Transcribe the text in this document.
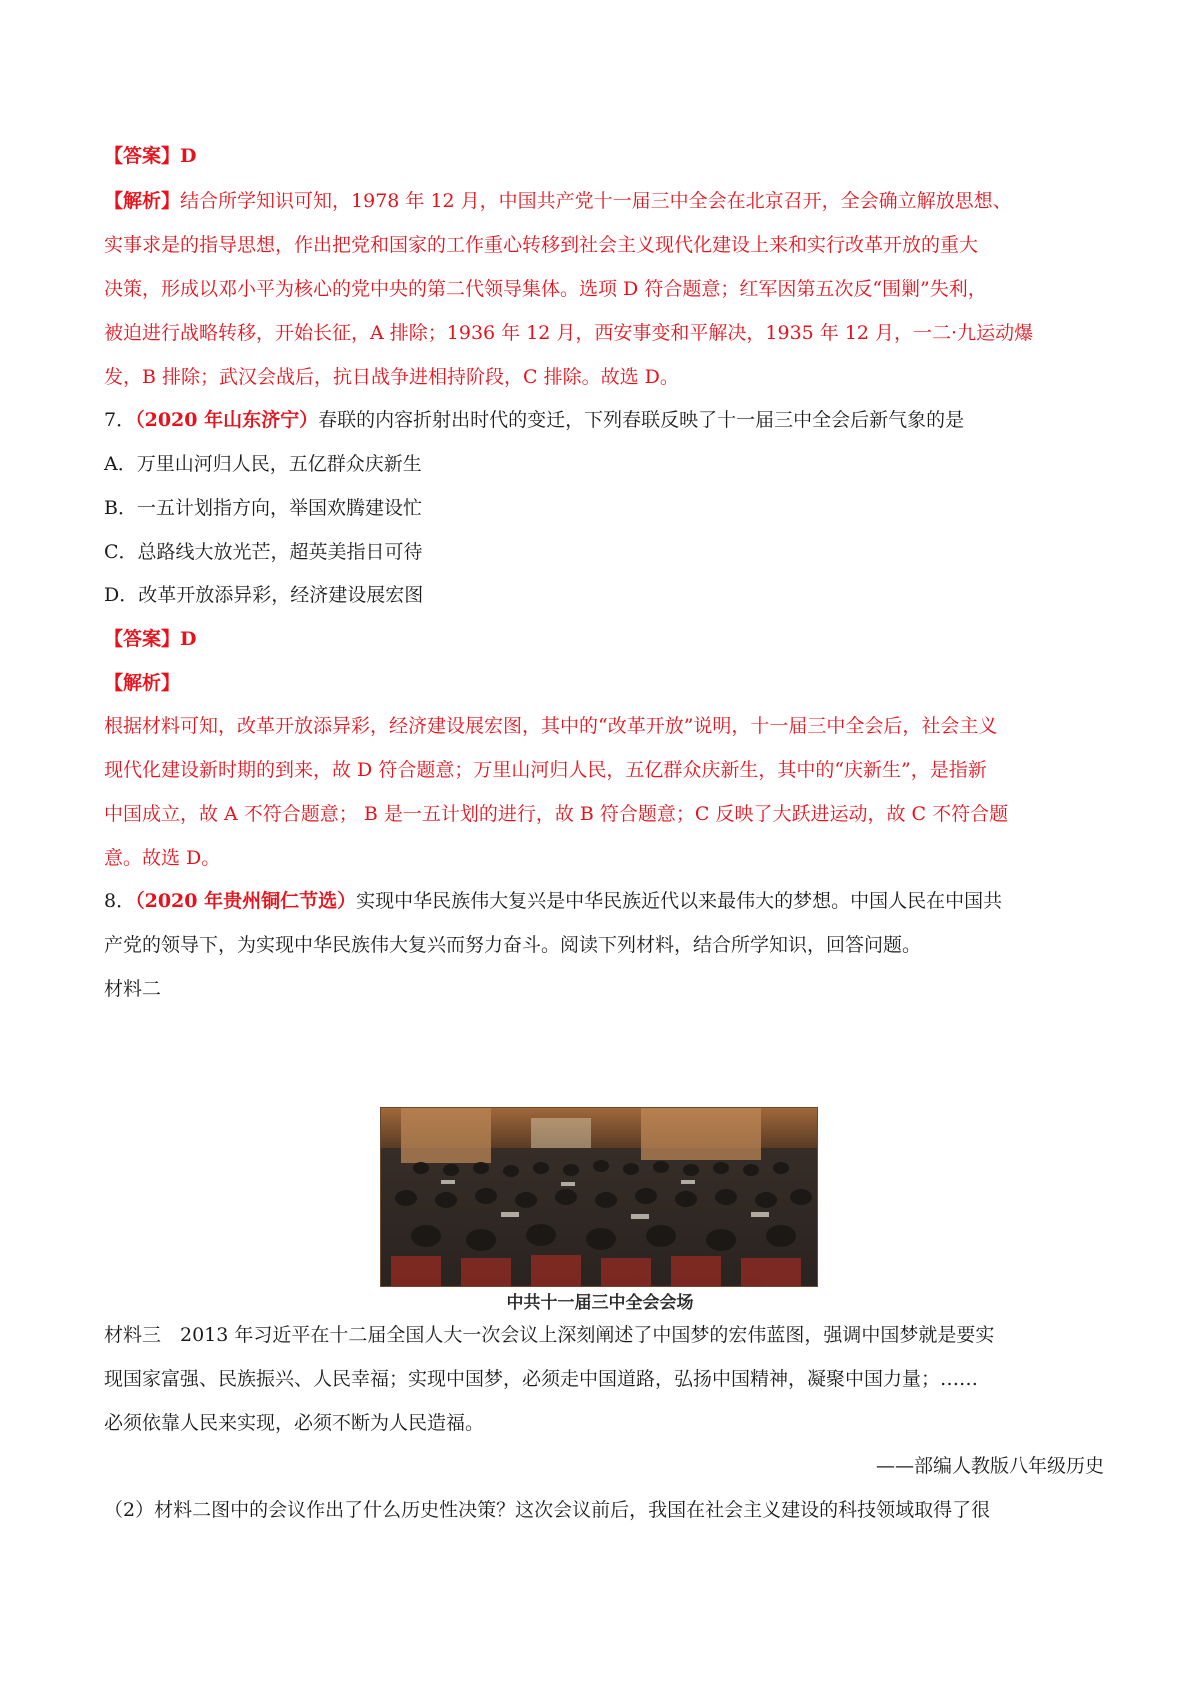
【答案】D
【解析】结合所学知识可知，1978 年 12 月，中国共产党十一届三中全会在北京召开，全会确立解放思想、
实事求是的指导思想，作出把党和国家的工作重心转移到社会主义现代化建设上来和实行改革开放的重大
决策，形成以邓小平为核心的党中央的第二代领导集体。选项 D 符合题意；红军因第五次反“围剿”失利，
被迫进行战略转移，开始长征，A 排除；1936 年 12 月，西安事变和平解决，1935 年 12 月，一二·九运动爆
发，B 排除；武汉会战后，抗日战争进相持阶段，C 排除。故选 D。
7．（2020 年山东济宁）春联的内容折射出时代的变迁，下列春联反映了十一届三中全会后新气象的是
A．万里山河归人民，五亿群众庆新生
B．一五计划指方向，举国欢腾建设忙
C．总路线大放光芒，超英美指日可待
D．改革开放添异彩，经济建设展宏图
【答案】D
【解析】
根据材料可知，改革开放添异彩，经济建设展宏图，其中的“改革开放”说明，十一届三中全会后，社会主义
现代化建设新时期的到来，故 D 符合题意；万里山河归人民，五亿群众庆新生，其中的“庆新生”，是指新
中国成立，故 A 不符合题意； B 是一五计划的进行，故 B 符合题意；C 反映了大跃进运动，故 C 不符合题
意。故选 D。
8．（2020 年贵州铜仁节选）实现中华民族伟大复兴是中华民族近代以来最伟大的梦想。中国人民在中国共
产党的领导下，为实现中华民族伟大复兴而努力奋斗。阅读下列材料，结合所学知识，回答问题。
材料二
中共十一届三中全会会场
材料三　2013 年习近平在十二届全国人大一次会议上深刻阐述了中国梦的宏伟蓝图，强调中国梦就是要实
现国家富强、民族振兴、人民幸福；实现中国梦，必须走中国道路，弘扬中国精神，凝聚中国力量；……
必须依靠人民来实现，必须不断为人民造福。
——部编人教版八年级历史
（2）材料二图中的会议作出了什么历史性决策？这次会议前后，我国在社会主义建设的科技领域取得了很
